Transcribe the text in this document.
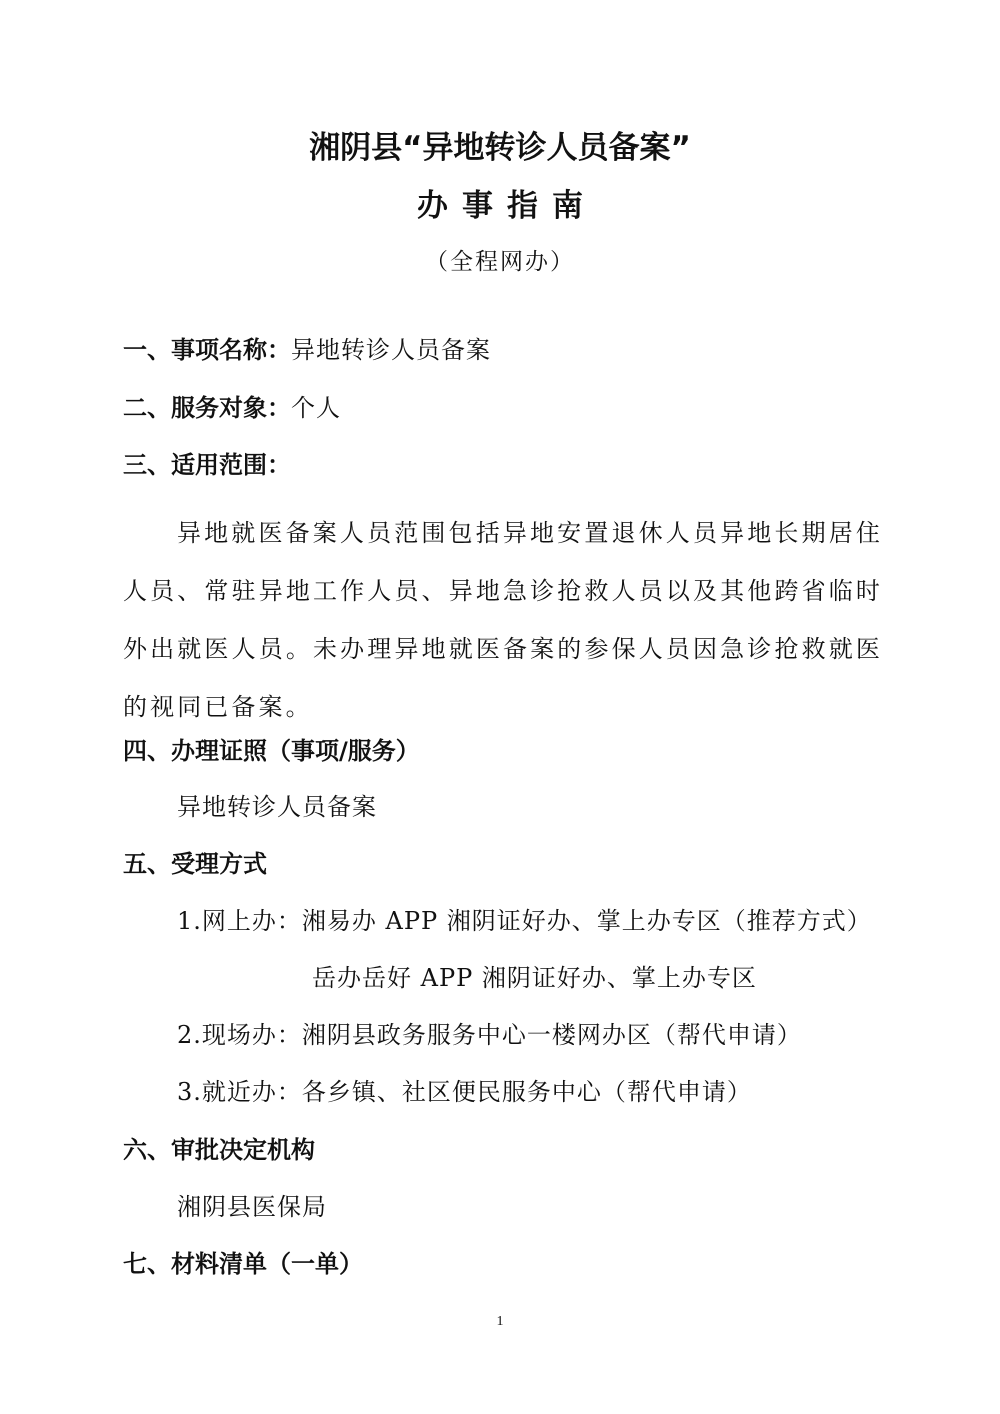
湘阴县“异地转诊人员备案”
办事指南
（全程网办）
一、事项名称：异地转诊人员备案
二、服务对象：个人
三、适用范围：

异地就医备案人员范围包括异地安置退休人员异地长期居住人员、常驻异地工作人员、异地急诊抢救人员以及其他跨省临时外出就医人员。未办理异地就医备案的参保人员因急诊抢救就医的视同已备案。

四、办理证照（事项/服务）
异地转诊人员备案
五、受理方式
1.网上办：湘易办 APP 湘阴证好办、掌上办专区（推荐方式）
岳办岳好 APP 湘阴证好办、掌上办专区
2.现场办：湘阴县政务服务中心一楼网办区（帮代申请）
3.就近办：各乡镇、社区便民服务中心（帮代申请）
六、审批决定机构
湘阴县医保局
七、材料清单（一单）
1
